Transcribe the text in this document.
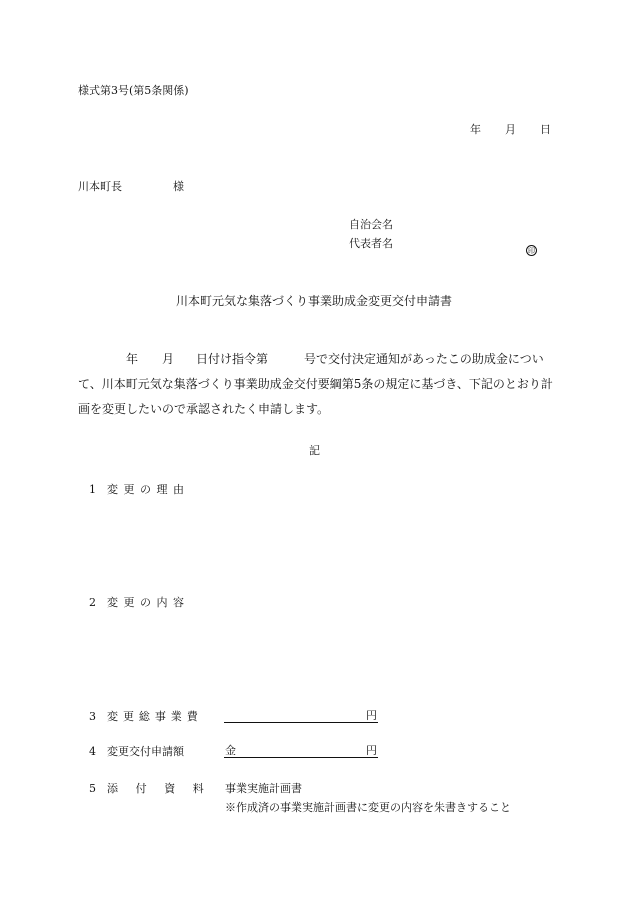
様式第3号(第5条関係)
年 月 日
川本町長	様
自治会名
代表者名
印
川本町元気な集落づくり事業助成金変更交付申請書
年 月 日付け指令第	号で交付決定通知があったこの助成金につい
て、川本町元気な集落づくり事業助成金交付要綱第5条の規定に基づき、下記のとおり計
画を変更したいので承認されたく申請します。
記
1 変更の理由
2 変更の内容
3 変更総事業費	円
4 変更交付申請額	金	円
5 添付資料 事業実施計画書
※作成済の事業実施計画書に変更の内容を朱書きすること
